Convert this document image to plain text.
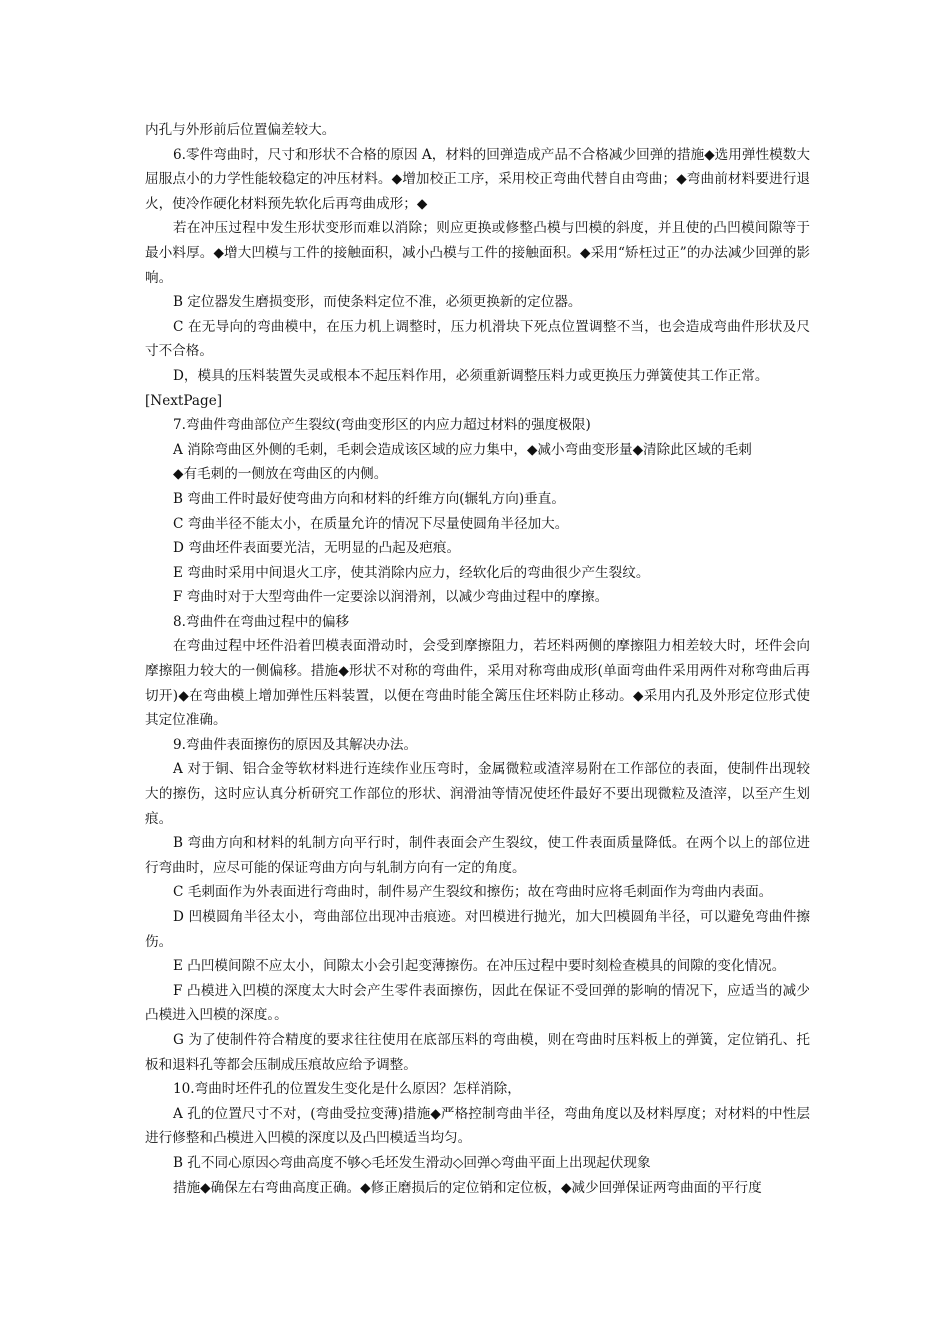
内孔与外形前后位置偏差较大。

6.零件弯曲时，尺寸和形状不合格的原因 A，材料的回弹造成产品不合格减少回弹的措施◆选用弹性模数大屈服点小的力学性能较稳定的冲压材料。◆增加校正工序，采用校正弯曲代替自由弯曲；◆弯曲前材料要进行退火，使冷作硬化材料预先软化后再弯曲成形；◆

若在冲压过程中发生形状变形而难以消除；则应更换或修整凸模与凹模的斜度，并且使的凸凹模间隙等于最小料厚。◆增大凹模与工件的接触面积，减小凸模与工件的接触面积。◆采用“矫枉过正”的办法减少回弹的影响。

B 定位器发生磨损变形，而使条料定位不准，必须更换新的定位器。

C 在无导向的弯曲模中，在压力机上调整时，压力机滑块下死点位置调整不当，也会造成弯曲件形状及尺寸不合格。

D，模具的压料装置失灵或根本不起压料作用，必须重新调整压料力或更换压力弹簧使其工作正常。

[NextPage]

7.弯曲件弯曲部位产生裂纹(弯曲变形区的内应力超过材料的强度极限)

A 消除弯曲区外侧的毛刺，毛刺会造成该区域的应力集中，◆减小弯曲变形量◆清除此区域的毛刺

◆有毛刺的一侧放在弯曲区的内侧。

B 弯曲工件时最好使弯曲方向和材料的纤维方向(辗轧方向)垂直。

C 弯曲半径不能太小，在质量允许的情况下尽量使圆角半径加大。

D 弯曲坯件表面要光洁，无明显的凸起及疤痕。

E 弯曲时采用中间退火工序，使其消除内应力，经软化后的弯曲很少产生裂纹。

F 弯曲时对于大型弯曲件一定要涂以润滑剂，以减少弯曲过程中的摩擦。

8.弯曲件在弯曲过程中的偏移

在弯曲过程中坯件沿着凹模表面滑动时，会受到摩擦阻力，若坯料两侧的摩擦阻力相差较大时，坯件会向摩擦阻力较大的一侧偏移。措施◆形状不对称的弯曲件，采用对称弯曲成形(单面弯曲件采用两件对称弯曲后再切开)◆在弯曲模上增加弹性压料装置，以便在弯曲时能全篱压住坯料防止移动。◆采用内孔及外形定位形式使其定位准确。

9.弯曲件表面擦伤的原因及其解决办法。

A 对于铜、铝合金等软材料进行连续作业压弯时，金属微粒或渣滓易附在工作部位的表面，使制件出现较大的擦伤，这时应认真分析研究工作部位的形状、润滑油等情况使坯件最好不要出现微粒及渣滓，以至产生划痕。

B 弯曲方向和材料的轧制方向平行时，制件表面会产生裂纹，使工件表面质量降低。在两个以上的部位进行弯曲时，应尽可能的保证弯曲方向与轧制方向有一定的角度。

C 毛刺面作为外表面进行弯曲时，制件易产生裂纹和擦伤；故在弯曲时应将毛刺面作为弯曲内表面。

D 凹模圆角半径太小，弯曲部位出现冲击痕迹。对凹模进行抛光，加大凹模圆角半径，可以避免弯曲件擦伤。

E 凸凹模间隙不应太小，间隙太小会引起变薄擦伤。在冲压过程中要时刻检查模具的间隙的变化情况。

F 凸模进入凹模的深度太大时会产生零件表面擦伤，因此在保证不受回弹的影响的情况下，应适当的减少凸模进入凹模的深度。。

G 为了使制件符合精度的要求往往使用在底部压料的弯曲模，则在弯曲时压料板上的弹簧，定位销孔、托板和退料孔等都会压制成压痕故应给予调整。

10.弯曲时坯件孔的位置发生变化是什么原因？怎样消除，

A 孔的位置尺寸不对，(弯曲受拉变薄)措施◆严格控制弯曲半径，弯曲角度以及材料厚度；对材料的中性层进行修整和凸模进入凹模的深度以及凸凹模适当均匀。

B 孔不同心原因◇弯曲高度不够◇毛坯发生滑动◇回弹◇弯曲平面上出现起伏现象

措施◆确保左右弯曲高度正确。◆修正磨损后的定位销和定位板，◆减少回弹保证两弯曲面的平行度
